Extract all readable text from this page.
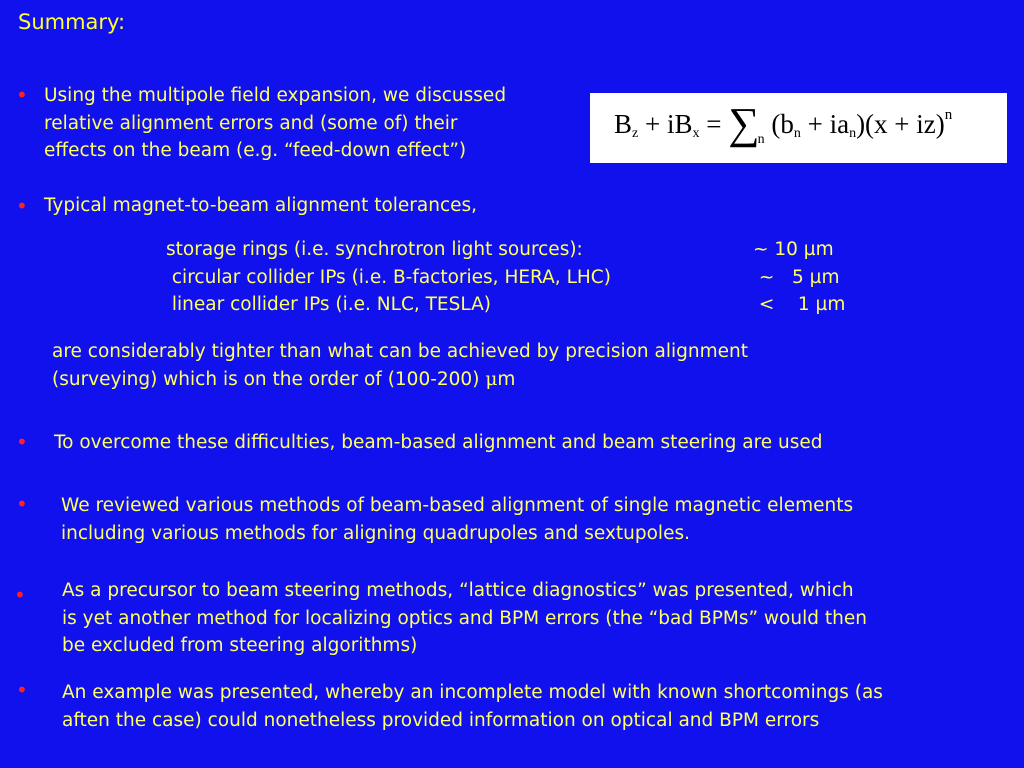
Summary:
• Using the multipole field expansion, we discussed
relative alignment errors and (some of) their
effects on the beam (e.g. “feed-down effect”)
$B_z + iB_x = \sum_n$ $(b_n + ia_n)(x + iz)^n$
• Typical magnet-to-beam alignment tolerances,
storage rings (i.e. synchrotron light sources):
circular collider IPs (i.e. B-factories, HERA, LHC)
linear collider IPs (i.e. NLC, TESLA)
~ 10 µm
~   5 µm
<    1 µm
are considerably tighter than what can be achieved by precision alignment
(surveying) which is on the order of (100-200) μm
• To overcome these difficulties, beam-based alignment and beam steering are used
• We reviewed various methods of beam-based alignment of single magnetic elements
including various methods for aligning quadrupoles and sextupoles.
• As a precursor to beam steering methods, “lattice diagnostics” was presented, which
is yet another method for localizing optics and BPM errors (the “bad BPMs” would then
be excluded from steering algorithms)
• An example was presented, whereby an incomplete model with known shortcomings (as
aften the case) could nonetheless provided information on optical and BPM errors
